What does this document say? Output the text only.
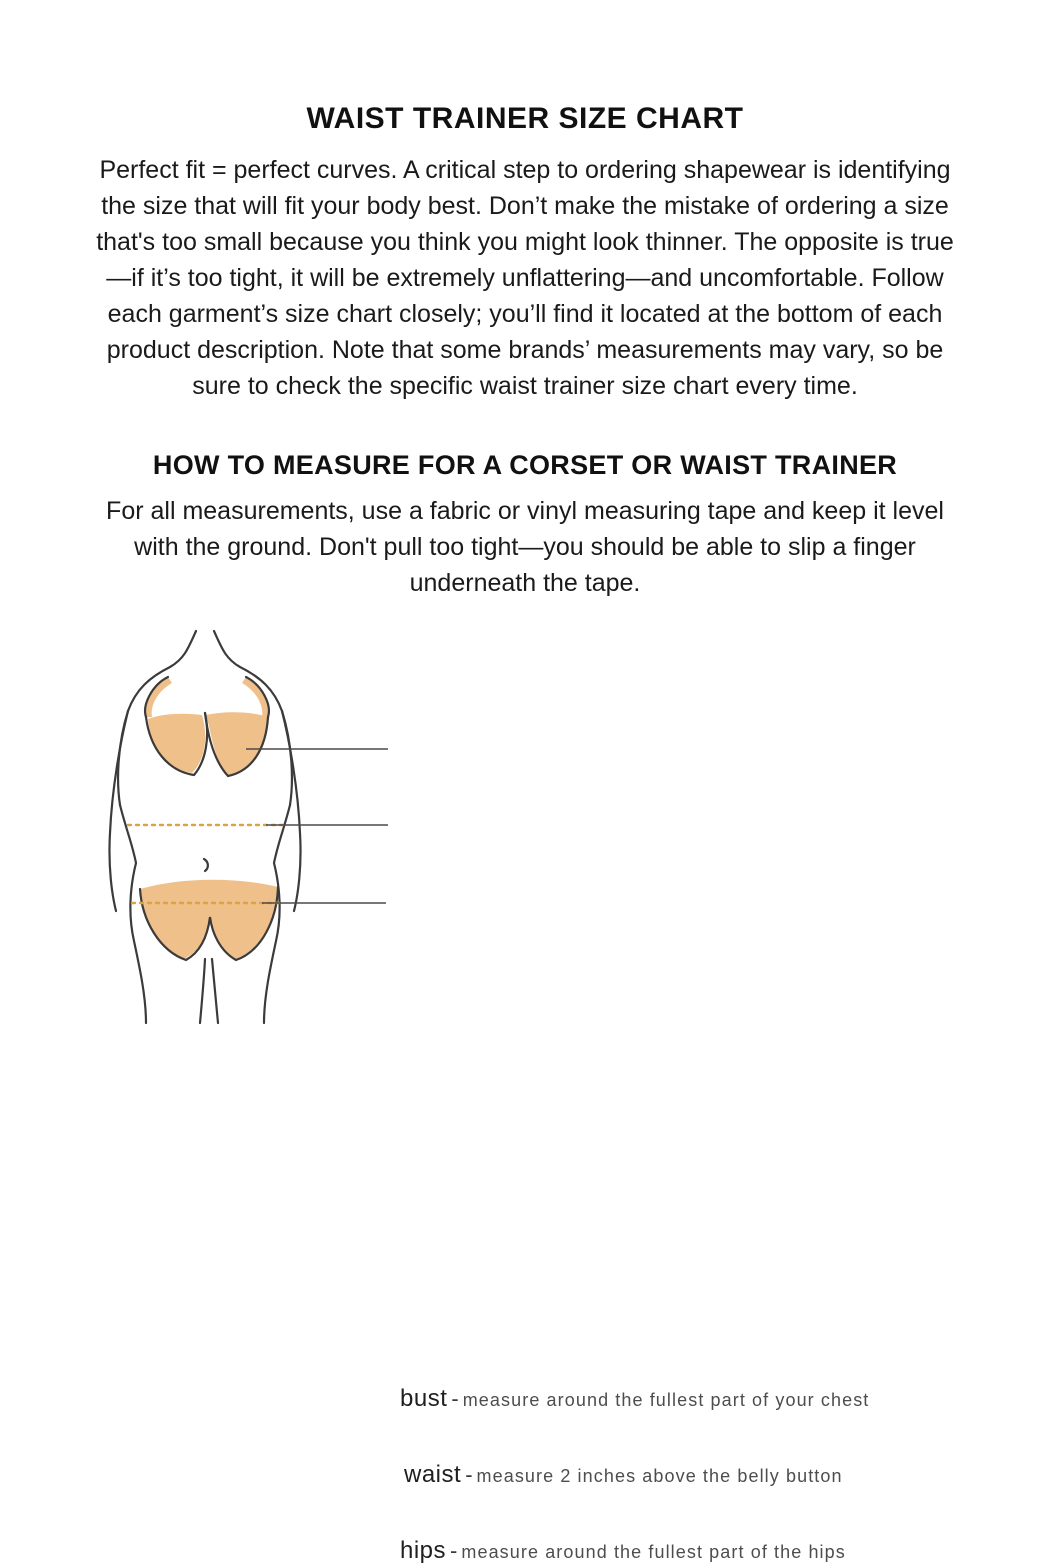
WAIST TRAINER SIZE CHART

Perfect fit = perfect curves. A critical step to ordering shapewear is identifying the size that will fit your body best. Don’t make the mistake of ordering a size that's too small because you think you might look thinner. The opposite is true—if it’s too tight, it will be extremely unflattering—and uncomfortable. Follow each garment’s size chart closely; you’ll find it located at the bottom of each product description. Note that some brands’ measurements may vary, so be sure to check the specific waist trainer size chart every time.

HOW TO MEASURE FOR A CORSET OR WAIST TRAINER

For all measurements, use a fabric or vinyl measuring tape and keep it level with the ground. Don't pull too tight—you should be able to slip a finger underneath the tape.

bust - measure around the fullest part of your chest
waist - measure 2 inches above the belly button
hips - measure around the fullest part of the hips
